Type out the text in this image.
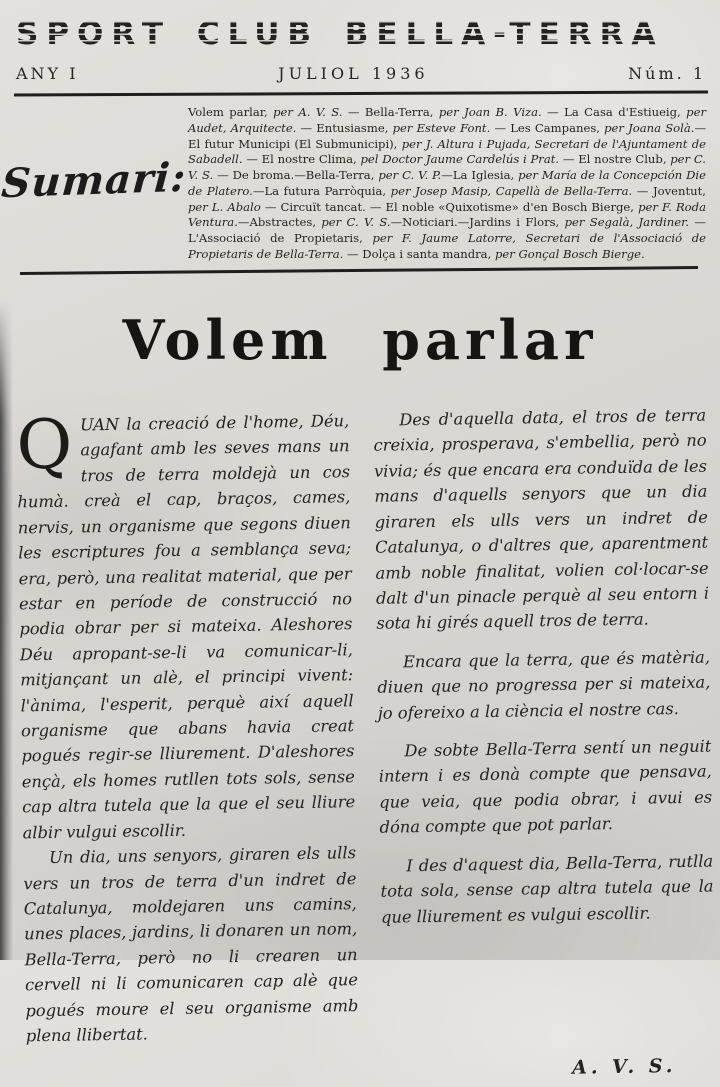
SPORT CLUB BELLA-TERRA
ANY I	JULIOL 1936	Núm. 1
Sumari:
Volem parlar, per A. V. S. — Bella-Terra, per Joan B. Viza. — La Casa d'Estiueig, per Audet, Arquitecte. — Entusiasme, per Esteve Font. — Les Campanes, per Joana Solà.— El futur Municipi (El Submunicipi), per J. Altura i Pujada, Secretari de l'Ajuntament de Sabadell. — El nostre Clima, pel Doctor Jaume Cardelús i Prat. — El nostre Club, per C. V. S. — De broma.—Bella-Terra, per C. V. P.—La Iglesia, per María de la Concepción Die de Platero.—La futura Parròquia, per Josep Masip, Capellà de Bella-Terra. — Joventut, per L. Abalo — Circuït tancat. — El noble «Quixotisme» d'en Bosch Bierge, per F. Roda Ventura.—Abstractes, per C. V. S.—Noticiari.—Jardins i Flors, per Segalà, Jardiner. — L'Associació de Propietaris, per F. Jaume Latorre, Secretari de l'Associació de Propietaris de Bella-Terra. — Dolça i santa mandra, per Gonçal Bosch Bierge.
Volem parlar
Q UAN la creació de l'home, Déu, agafant amb les seves mans un tros de terra moldejà un cos humà. creà el cap, braços, cames, nervis, un organisme que segons diuen les escriptures fou a semblança seva; era, però, una realitat material, que per estar en període de construcció no podia obrar per si mateixa. Aleshores Déu apropant-se-li va comunicar-li, mitjançant un alè, el principi vivent: l'ànima, l'esperit, perquè així aquell organisme que abans havia creat pogués regir-se lliurement. D'aleshores ençà, els homes rutllen tots sols, sense cap altra tutela que la que el seu lliure albir vulgui escollir.

Un dia, uns senyors, giraren els ulls vers un tros de terra d'un indret de Catalunya, moldejaren uns camins, unes places, jardins, li donaren un nom, Bella-Terra, però no li crearen un cervell ni li comunicaren cap alè que pogués moure el seu organisme amb plena llibertat.

Des d'aquella data, el tros de terra creixia, prosperava, s'embellia, però no vivia; és que encara era conduïda de les mans d'aquells senyors que un dia giraren els ulls vers un indret de Catalunya, o d'altres que, aparentment amb noble finalitat, volien col·locar-se dalt d'un pinacle perquè al seu entorn i sota hi girés aquell tros de terra.

Encara que la terra, que és matèria, diuen que no progressa per si mateixa, jo ofereixo a la ciència el nostre cas.

De sobte Bella-Terra sentí un neguit intern i es donà compte que pensava, que veia, que podia obrar, i avui es dóna compte que pot parlar.

I des d'aquest dia, Bella-Terra, rutlla tota sola, sense cap altra tutela que la que lliurement es vulgui escollir.

A. V. S.
